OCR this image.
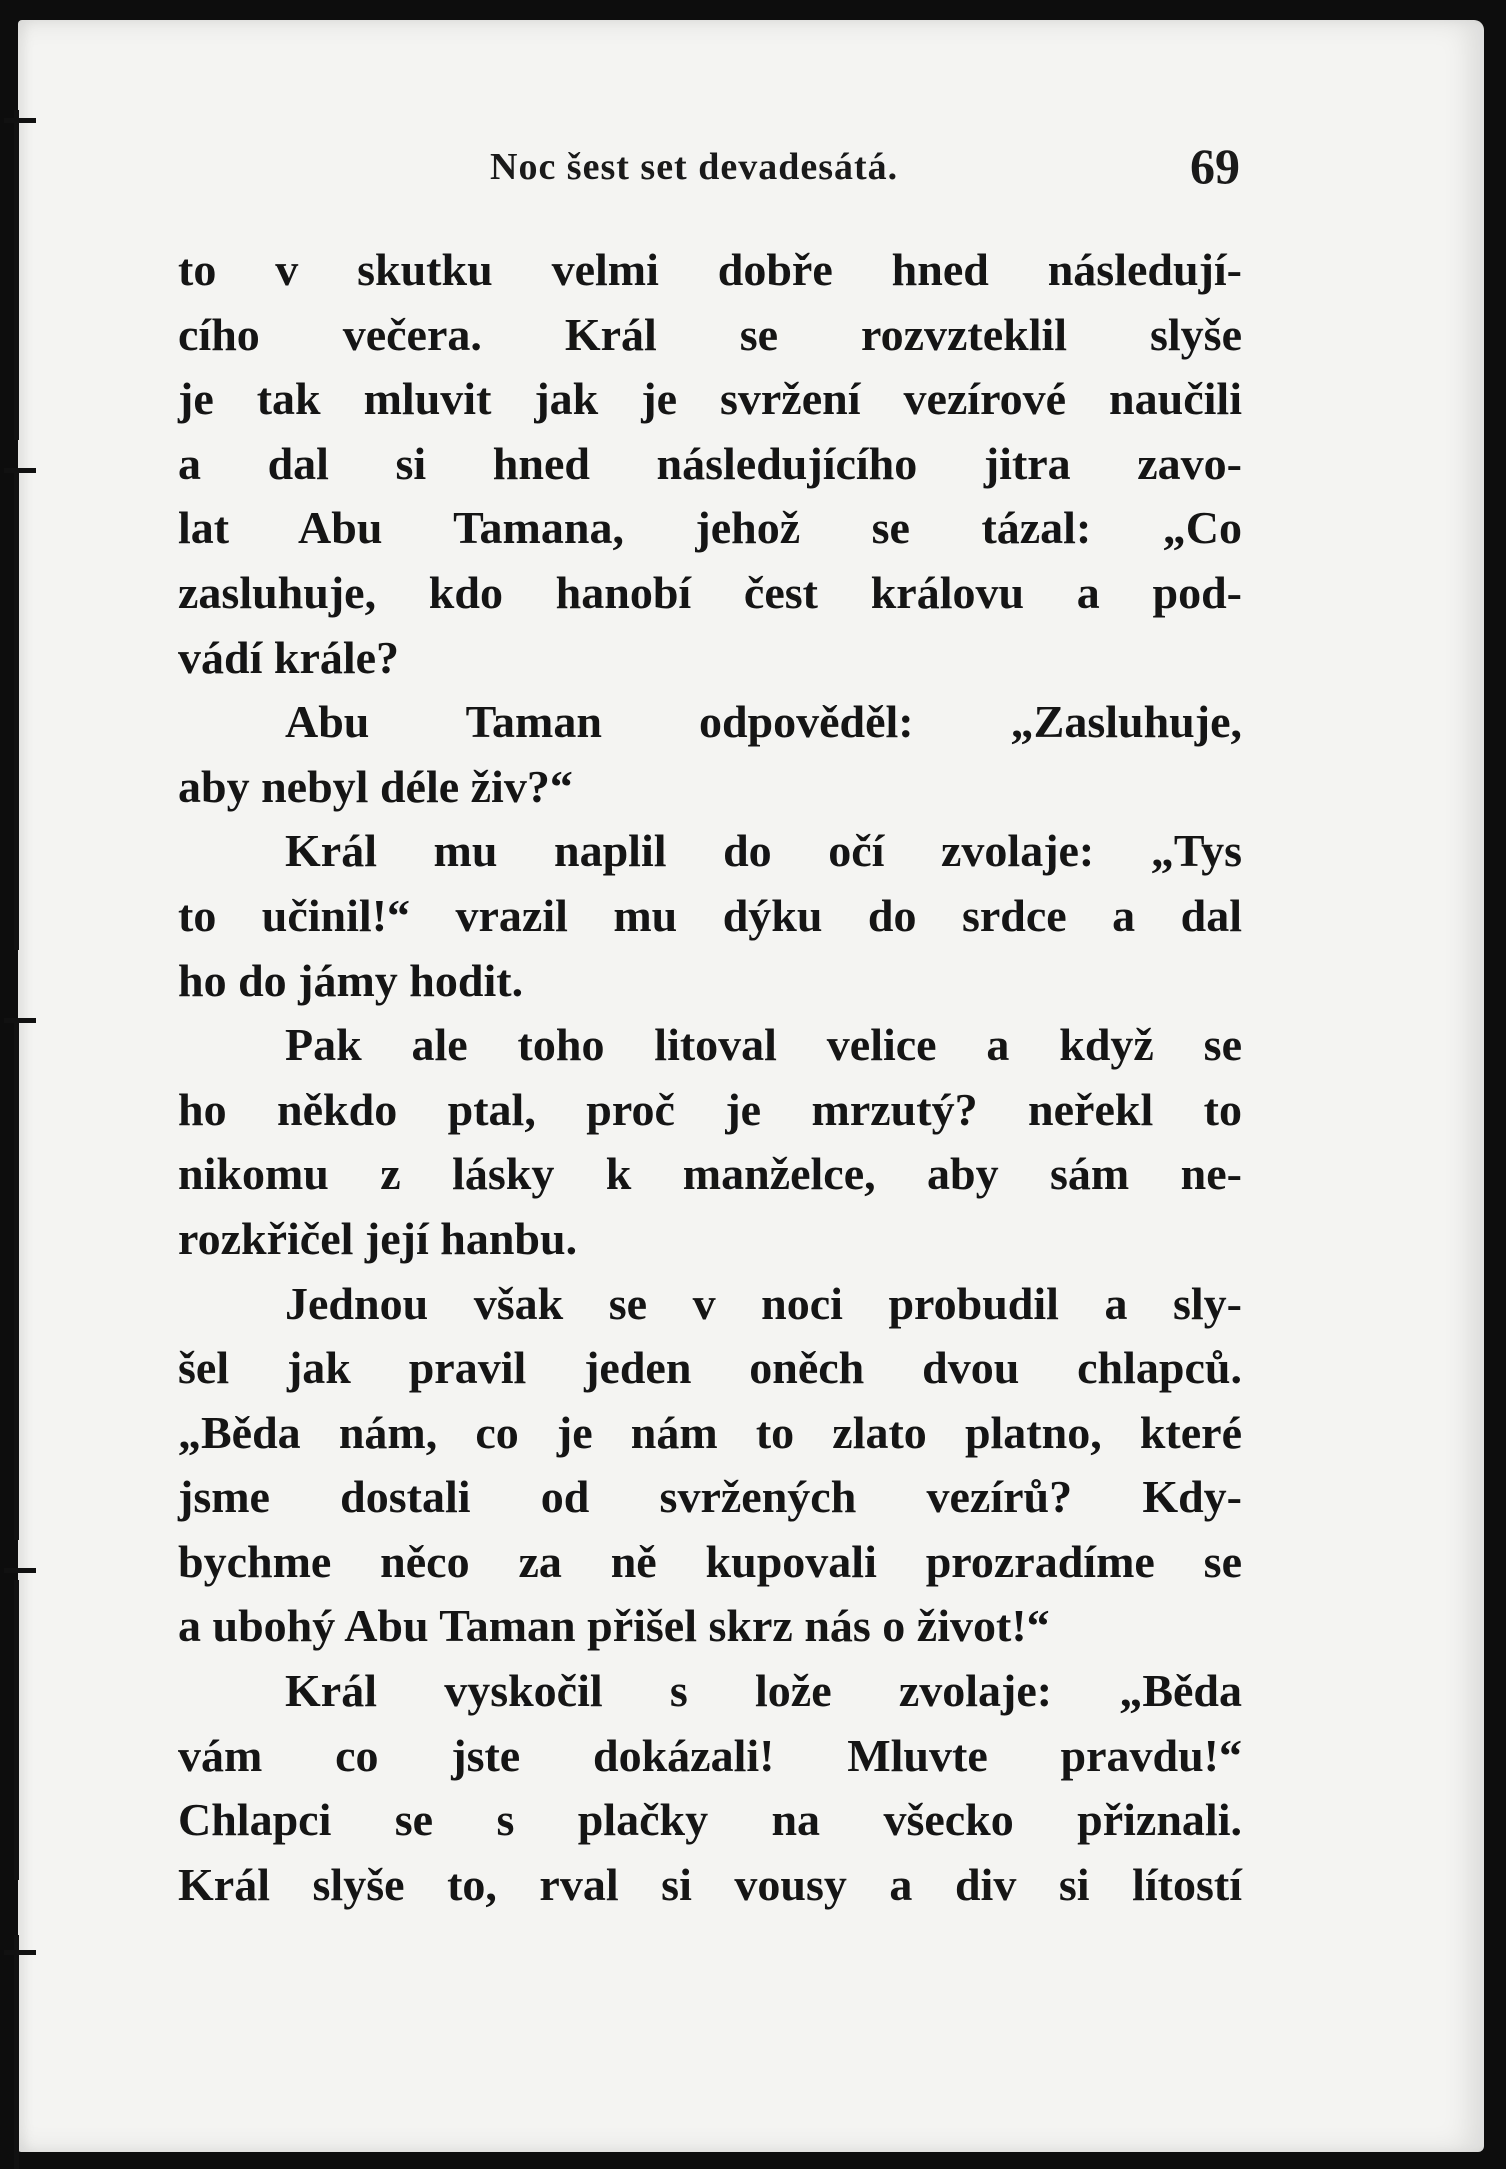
Noc šest set devadesátá.	69
to v skutku velmi dobře hned následují-
cího večera. Král se rozvzteklil slyše
je tak mluvit jak je svržení vezírové naučili
a dal si hned následujícího jitra zavo-
lat Abu Tamana, jehož se tázal: „Co
zasluhuje, kdo hanobí čest královu a pod-
vádí krále?
Abu Taman odpověděl: „Zasluhuje,
aby nebyl déle živ?“
Král mu naplil do očí zvolaje: „Tys
to učinil!“ vrazil mu dýku do srdce a dal
ho do jámy hodit.
Pak ale toho litoval velice a když se
ho někdo ptal, proč je mrzutý? neřekl to
nikomu z lásky k manželce, aby sám ne-
rozkřičel její hanbu.
Jednou však se v noci probudil a sly-
šel jak pravil jeden oněch dvou chlapců.
„Běda nám, co je nám to zlato platno, které
jsme dostali od svržených vezírů? Kdy-
bychme něco za ně kupovali prozradíme se
a ubohý Abu Taman přišel skrz nás o život!“
Král vyskočil s lože zvolaje: „Běda
vám co jste dokázali! Mluvte pravdu!“
Chlapci se s plačky na všecko přiznali.
Král slyše to, rval si vousy a div si lítostí
